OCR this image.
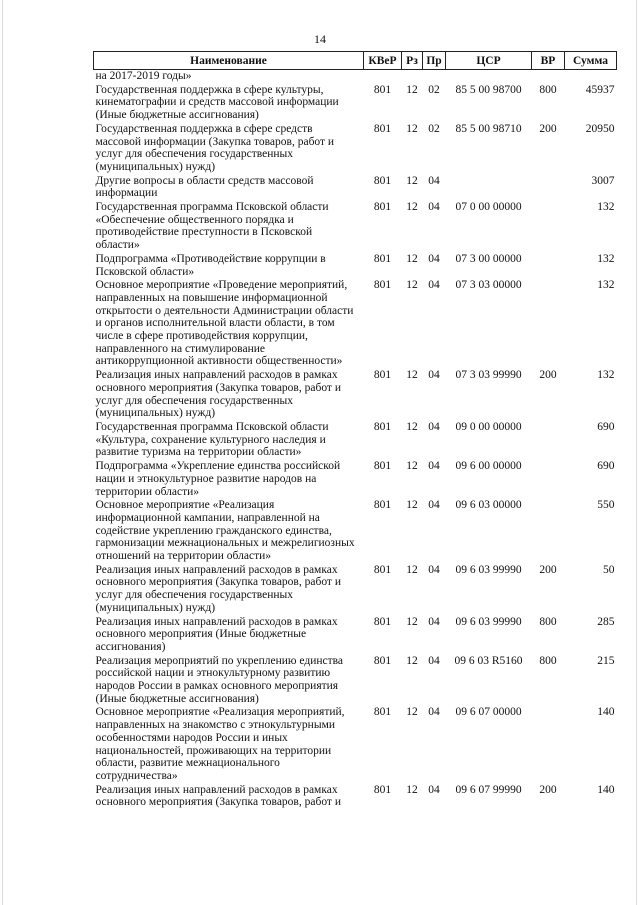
14
Наименование	КВеР	Рз	Пр	ЦСР	ВР	Сумма
на 2017-2019 годы»						
Государственная поддержка в сфере культуры, кинематографии и средств массовой информации (Иные бюджетные ассигнования)	801	12	02	85 5 00 98700	800	45937
Государственная поддержка в сфере средств массовой информации (Закупка товаров, работ и услуг для обеспечения государственных (муниципальных) нужд)	801	12	02	85 5 00 98710	200	20950
Другие вопросы в области средств массовой информации	801	12	04			3007
Государственная программа Псковской области «Обеспечение общественного порядка и противодействие преступности в Псковской области»	801	12	04	07 0 00 00000		132
Подпрограмма «Противодействие коррупции в Псковской области»	801	12	04	07 3 00 00000		132
Основное мероприятие «Проведение мероприятий, направленных на повышение информационной открытости о деятельности Администрации области и органов исполнительной власти области, в том числе в сфере противодействия коррупции, направленного на стимулирование антикоррупционной активности общественности»	801	12	04	07 3 03 00000		132
Реализация иных направлений расходов в рамках основного мероприятия (Закупка товаров, работ и услуг для обеспечения государственных (муниципальных) нужд)	801	12	04	07 3 03 99990	200	132
Государственная программа Псковской области «Культура, сохранение культурного наследия и развитие туризма на территории области»	801	12	04	09 0 00 00000		690
Подпрограмма «Укрепление единства российской нации и этнокультурное развитие народов на территории области»	801	12	04	09 6 00 00000		690
Основное мероприятие «Реализация информационной кампании, направленной на содействие укреплению гражданского единства, гармонизации межнациональных и межрелигиозных отношений на территории области»	801	12	04	09 6 03 00000		550
Реализация иных направлений расходов в рамках основного мероприятия (Закупка товаров, работ и услуг для обеспечения государственных (муниципальных) нужд)	801	12	04	09 6 03 99990	200	50
Реализация иных направлений расходов в рамках основного мероприятия (Иные бюджетные ассигнования)	801	12	04	09 6 03 99990	800	285
Реализация мероприятий по укреплению единства российской нации и этнокультурному развитию народов России в рамках основного мероприятия (Иные бюджетные ассигнования)	801	12	04	09 6 03 R5160	800	215
Основное мероприятие «Реализация мероприятий, направленных на знакомство с этнокультурными особенностями народов России и иных национальностей, проживающих на территории области, развитие межнационального сотрудничества»	801	12	04	09 6 07 00000		140
Реализация иных направлений расходов в рамках основного мероприятия (Закупка товаров, работ и	801	12	04	09 6 07 99990	200	140
